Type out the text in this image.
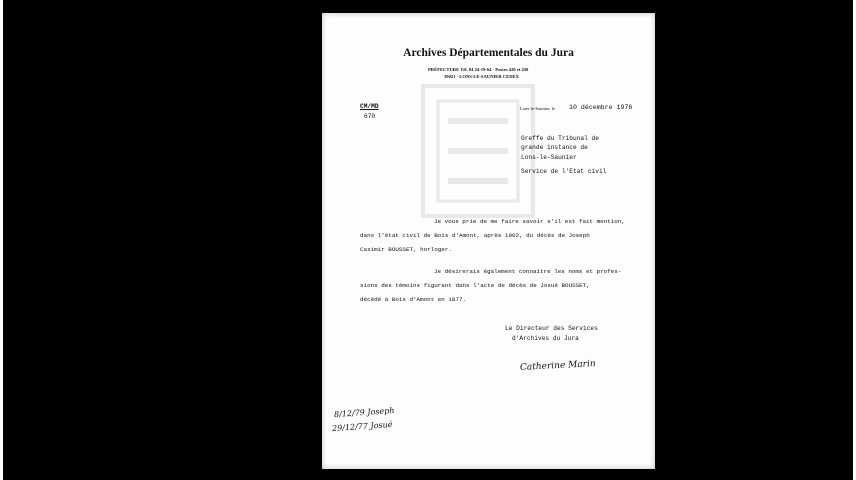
Archives Départementales du Jura
PRÉFECTURE Tél. 84 24-19-64 - Postes 420 et 430
39021 - LONS-LE-SAUNIER CEDEX
CM/MD
670
Lons-le-Saunier, le 10 décembre 1976
Greffe du Tribunal de
grande instance de
Lons-le-Saunier
Service de l'Etat civil
Je vous prie de me faire savoir s'il est fait mention,
dans l'état civil de Bois d'Amont, après 1902, du décès de Joseph
Casimir BOUSSET, horloger.
Je désirerais également connaître les noms et profes-
sions des témoins figurant dans l'acte de décès de Josué BOUSSET,
décédé à Bois d'Amont en 1877.
Le Directeur des Services
d'Archives du Jura
Catherine Marin
8/12/79 Joseph
29/12/77 Josué
